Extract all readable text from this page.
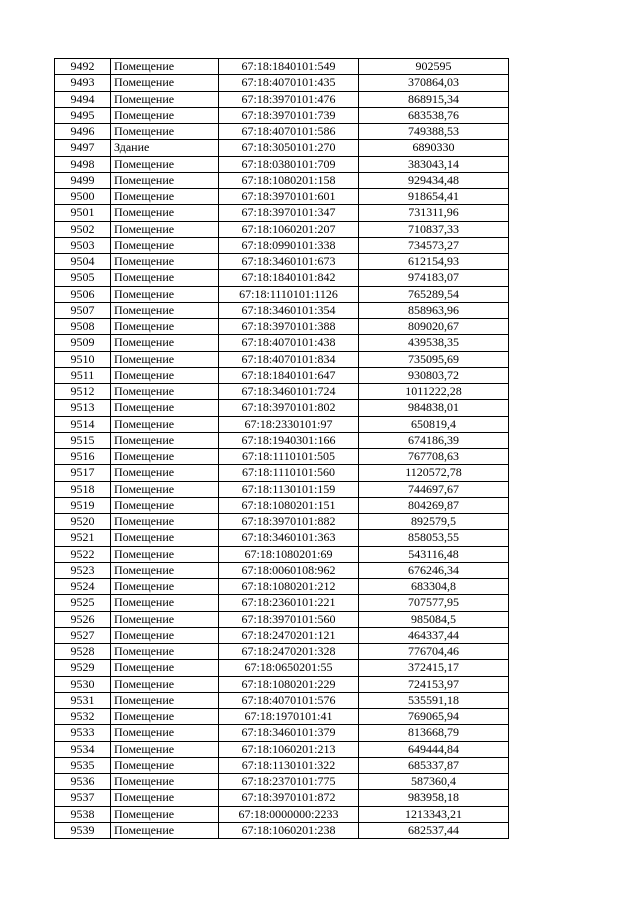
9492	Помещение	67:18:1840101:549	902595
9493	Помещение	67:18:4070101:435	370864,03
9494	Помещение	67:18:3970101:476	868915,34
9495	Помещение	67:18:3970101:739	683538,76
9496	Помещение	67:18:4070101:586	749388,53
9497	Здание	67:18:3050101:270	6890330
9498	Помещение	67:18:0380101:709	383043,14
9499	Помещение	67:18:1080201:158	929434,48
9500	Помещение	67:18:3970101:601	918654,41
9501	Помещение	67:18:3970101:347	731311,96
9502	Помещение	67:18:1060201:207	710837,33
9503	Помещение	67:18:0990101:338	734573,27
9504	Помещение	67:18:3460101:673	612154,93
9505	Помещение	67:18:1840101:842	974183,07
9506	Помещение	67:18:1110101:1126	765289,54
9507	Помещение	67:18:3460101:354	858963,96
9508	Помещение	67:18:3970101:388	809020,67
9509	Помещение	67:18:4070101:438	439538,35
9510	Помещение	67:18:4070101:834	735095,69
9511	Помещение	67:18:1840101:647	930803,72
9512	Помещение	67:18:3460101:724	1011222,28
9513	Помещение	67:18:3970101:802	984838,01
9514	Помещение	67:18:2330101:97	650819,4
9515	Помещение	67:18:1940301:166	674186,39
9516	Помещение	67:18:1110101:505	767708,63
9517	Помещение	67:18:1110101:560	1120572,78
9518	Помещение	67:18:1130101:159	744697,67
9519	Помещение	67:18:1080201:151	804269,87
9520	Помещение	67:18:3970101:882	892579,5
9521	Помещение	67:18:3460101:363	858053,55
9522	Помещение	67:18:1080201:69	543116,48
9523	Помещение	67:18:0060108:962	676246,34
9524	Помещение	67:18:1080201:212	683304,8
9525	Помещение	67:18:2360101:221	707577,95
9526	Помещение	67:18:3970101:560	985084,5
9527	Помещение	67:18:2470201:121	464337,44
9528	Помещение	67:18:2470201:328	776704,46
9529	Помещение	67:18:0650201:55	372415,17
9530	Помещение	67:18:1080201:229	724153,97
9531	Помещение	67:18:4070101:576	535591,18
9532	Помещение	67:18:1970101:41	769065,94
9533	Помещение	67:18:3460101:379	813668,79
9534	Помещение	67:18:1060201:213	649444,84
9535	Помещение	67:18:1130101:322	685337,87
9536	Помещение	67:18:2370101:775	587360,4
9537	Помещение	67:18:3970101:872	983958,18
9538	Помещение	67:18:0000000:2233	1213343,21
9539	Помещение	67:18:1060201:238	682537,44
